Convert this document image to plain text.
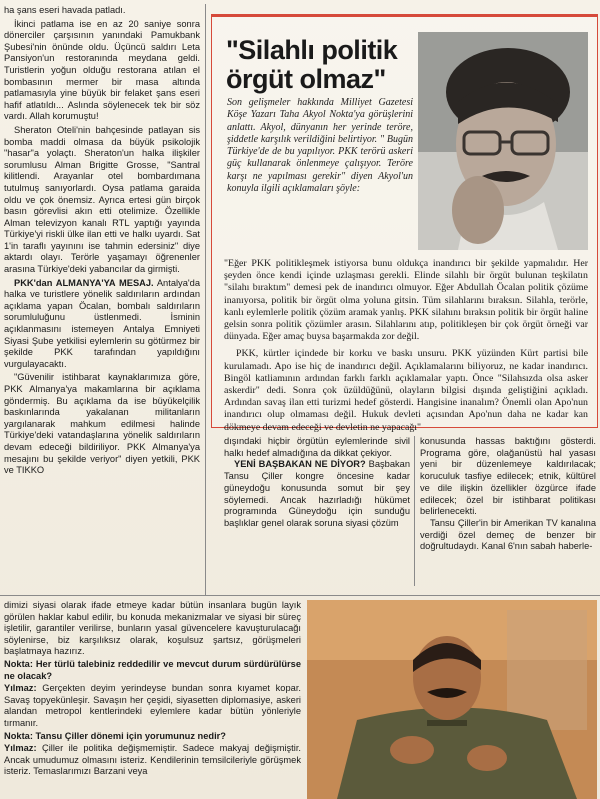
ha şans eseri havada patladı.

İkinci patlama ise en az 20 saniye sonra dönerciler çarşısının yanındaki Pamukbank Şubesi'nin önünde oldu. Üçüncü saldırı Leta Pansiyon'un restoranında meydana geldi. Turistlerin yoğun olduğu restorana atılan el bombasının mermer bir masa altında patlamasıyla yine büyük bir felaket şans eseri hafif atlatıldı... Aslında söylenecek tek bir söz vardı. Allah korumuştu!

Sheraton Oteli'nin bahçesinde patlayan sis bomba maddi olmasa da büyük psikolojik "hasar"a yolaçtı. Sheraton'un halka ilişkiler sorumlusu Alman Brigitte Grosse, "Santral kilitlendi. Arayanlar otel bombardımana tutulmuş sanıyorlardı. Oysa patlama garaida oldu ve çok önemsiz. Ayrıca ertesi gün birçok basın görevlisi akın etti otelimize. Özellikle Alman televizyon kanalı RTL yaptığı yayında Türkiye'yi riskli ülke ilan etti ve halkı uyardı. Sat 1'in taraflı yayınını ise tahmin edersiniz" diye aktardı olayı. Terörle yaşamayı öğrenenler arasına Türkiye'deki yabancılar da girmişti.

PKK'dan ALMANYA'YA MESAJ. Antalya'da halka ve turistlere yönelik saldırıların ardından açıklama yapan Öcalan, bombalı saldırıların sorumluluğunu üstlenmedi. İsminin açıklanmasını istemeyen Antalya Emniyeti Siyasi Şube yetkilisi eylemlerin su götürmez bir şekilde PKK tarafından yapıldığını vurgulayacaktı.

"Güvenilir istihbarat kaynaklarımıza göre, PKK Almanya'ya makamlarına bir açıklama göndermiş. Bu açıklama da ise büyükelçilik baskınlarında yakalanan militanların yargılanarak mahkum edilmesi halinde Türkiye'deki vatandaşlarına yönelik saldırıların devam edeceği bildiriliyor. PKK Almanya'ya mesajını bu şekilde veriyor" diyen yetkili, PKK ve TIKKO

"Silahlı politik örgüt olmaz"
Son gelişmeler hakkında Milliyet Gazetesi Köşe Yazarı Taha Akyol Nokta'ya görüşlerini anlattı. Akyol, dünyanın her yerinde teröre, şiddetle karşılık verildiğini belirtiyor. " Bugün Türkiye'de de bu yapılıyor. PKK terörü askeri güç kullanarak önlenmeye çalışıyor. Teröre karşı ne yapılması gerekir" diyen Akyol'un konuyla ilgili açıklamaları şöyle:

"Eğer PKK politikleşmek istiyorsa bunu oldukça inandırıcı bir şekilde yapmalıdır. Her şeyden önce kendi içinde uzlaşması gerekli. Elinde silahlı bir örgüt bulunan teşkilatın "silahı bıraktım" demesi pek de inandırıcı olmuyor. Eğer Abdullah Öcalan politik çözüme inanıyorsa, politik bir örgüt olma yoluna gitsin. Tüm silahlarını bıraksın. Silahla, terörle, kanlı eylemlerle politik çözüm aramak yanlış. PKK silahını bıraksın politik bir örgüt haline gelsin sonra politik çözümler arasın. Silahlarını atıp, politikleşen bir çok örgüt örneği var dünyada. Eğer amaç buysa başarmakda zor değil.

PKK, kürtler içindede bir korku ve baskı unsuru. PKK yüzünden Kürt partisi bile kurulamadı. Apo ise hiç de inandırıcı değil. Açıklamalarını biliyoruz, ne kadar inandırıcı. Bingöl katliamının ardından farklı farklı açıklamalar yaptı. Önce "Silahsızda olsa asker askerdir" dedi. Sonra çok üzüldüğünü, olayların bilgisi dışında geliştiğini açıkladı. Ardından savaş ilan etti turizmi hedef gösterdi. Hangisine inanalım? Önemli olan Apo'nun inandırıcı olup olmaması değil. Hukuk devleti açısından Apo'nun daha ne kadar kan dökmeye devam edeceği ve devletin ne yapacağı"

dışındaki hiçbir örgütün eylemlerinde sivil halkı hedef almadığına da dikkat çekiyor.

YENİ BAŞBAKAN NE DİYOR? Başbakan Tansu Çiller kongre öncesine kadar güneydoğu konusunda somut bir şey söylemedi. Ancak hazırladığı hükümet programında Güneydoğu için sunduğu başlıklar genel olarak soruna siyasi çözüm

konusunda hassas baktığını gösterdi. Programa göre, olağanüstü hal yasası yeni bir düzenlemeye kaldırılacak; koruculuk tasfiye edilecek; etnik, kültürel ve dile ilişkin özellikler özgürce ifade edilecek; özel bir istihbarat politikası belirlenecekti.

Tansu Çiller'in bir Amerikan TV kanalına verdiği özel demeç de benzer bir doğrultudaydı. Kanal 6'nın sabah haberle-

dimizi siyasi olarak ifade etmeye kadar bütün insanlara bugün layık görülen haklar kabul edilir, bu konuda mekanizmalar ve siyasi bir süreç işletilir, garantiler verilirse, bunların yasal güvencelere kavuşturulacağı söylenirse, biz karşılıksız olarak, koşulsuz şartsız, görüşmeleri başlatmaya hazırız.

Nokta: Her türlü talebiniz reddedilir ve mevcut durum sürdürülürse ne olacak?

Yılmaz: Gerçekten deyim yerindeyse bundan sonra kıyamet kopar. Savaş topyekünleşir. Savaşın her çeşidi, siyasetten diplomasiye, askeri alandan metropol kentlerindeki eylemlere kadar bütün yönleriyle tırmanır.

Nokta: Tansu Çiller dönemi için yorumunuz nedir?

Yılmaz: Çiller ile politika değişmemiştir. Sadece makyaj değişmiştir. Ancak umudumuz olmasını isteriz. Kendilerinin temsilcileriyle görüşmek isteriz. Temaslarımızı Barzani veya
